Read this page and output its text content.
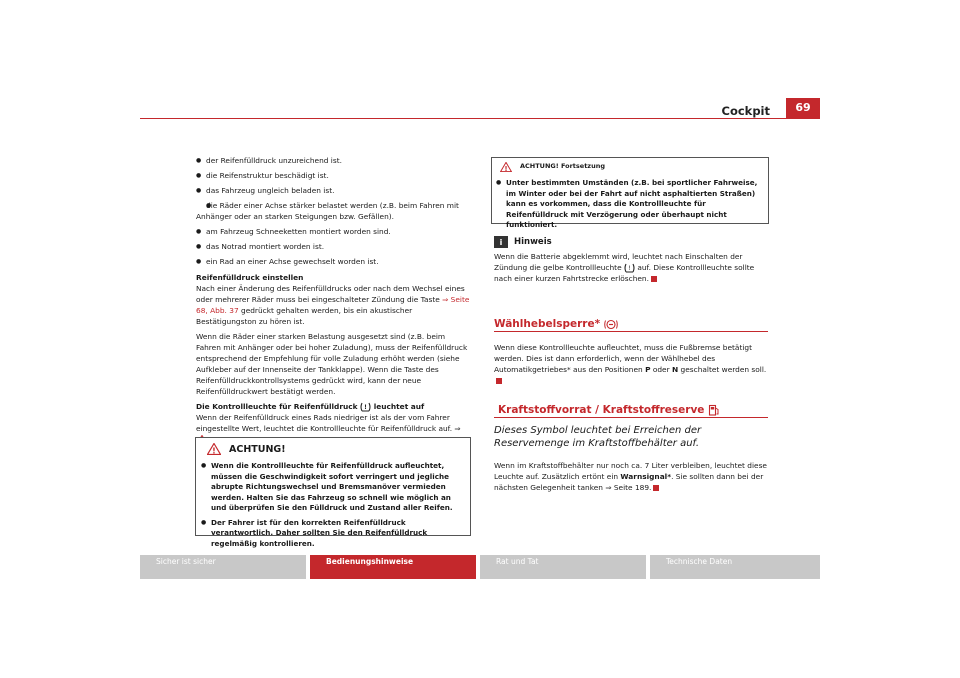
Cockpit	69

● der Reifenfülldruck unzureichend ist.

● die Reifenstruktur beschädigt ist.

● das Fahrzeug ungleich beladen ist.

● die Räder einer Achse stärker belastet werden (z.B. beim Fahren mit Anhänger oder an starken Steigungen bzw. Gefällen).

● am Fahrzeug Schneeketten montiert worden sind.

● das Notrad montiert worden ist.

● ein Rad an einer Achse gewechselt worden ist.

Reifenfülldruck einstellen

Nach einer Änderung des Reifenfülldrucks oder nach dem Wechsel eines oder mehrerer Räder muss bei eingeschalteter Zündung die Taste ⇒ Seite 68, Abb. 37 gedrückt gehalten werden, bis ein akustischer Bestätigungston zu hören ist.

Wenn die Räder einer starken Belastung ausgesetzt sind (z.B. beim Fahren mit Anhänger oder bei hoher Zuladung), muss der Reifenfülldruck entsprechend der Empfehlung für volle Zuladung erhöht werden (siehe Aufkleber auf der Innenseite der Tankklappe). Wenn die Taste des Reifenfülldruckkontrollsystems gedrückt wird, kann der neue Reifenfülldruckwert bestätigt werden.

Die Kontrollleuchte für Reifenfülldruck ! leuchtet auf

Wenn der Reifenfülldruck eines Rads niedriger ist als der vom Fahrer eingestellte Wert, leuchtet die Kontrollleuchte für Reifenfülldruck auf. ⇒

! ACHTUNG!

● Wenn die Kontrollleuchte für Reifenfülldruck aufleuchtet, müssen die Geschwindigkeit sofort verringert und jegliche abrupte Richtungswechsel und Bremsmanöver vermieden werden. Halten Sie das Fahrzeug so schnell wie möglich an und überprüfen Sie den Fülldruck und Zustand aller Reifen.

● Der Fahrer ist für den korrekten Reifenfülldruck verantwortlich. Daher sollten Sie den Reifenfülldruck regelmäßig kontrollieren.

! ACHTUNG! Fortsetzung

● Unter bestimmten Umständen (z.B. bei sportlicher Fahrweise, im Winter oder bei der Fahrt auf nicht asphaltierten Straßen) kann es vorkommen, dass die Kontrollleuchte für Reifenfülldruck mit Verzögerung oder überhaupt nicht funktioniert.

i	Hinweis

Wenn die Batterie abgeklemmt wird, leuchtet nach Einschalten der Zündung die gelbe Kontrollleuchte ! auf. Diese Kontrollleuchte sollte nach einer kurzen Fahrtstrecke erlöschen.

Wählhebelsperre*

Wenn diese Kontrollleuchte aufleuchtet, muss die Fußbremse betätigt werden. Dies ist dann erforderlich, wenn der Wählhebel des Automatikgetriebes* aus den Positionen P oder N geschaltet werden soll.

Kraftstoffvorrat / Kraftstoffreserve
Dieses Symbol leuchtet bei Erreichen der Reservemenge im Kraftstoffbehälter auf.

Wenn im Kraftstoffbehälter nur noch ca. 7 Liter verbleiben, leuchtet diese Leuchte auf. Zusätzlich ertönt ein Warnsignal*. Sie sollten dann bei der nächsten Gelegenheit tanken ⇒ Seite 189.

Sicher ist sicher	Bedienungshinweise	Rat und Tat	Technische Daten
